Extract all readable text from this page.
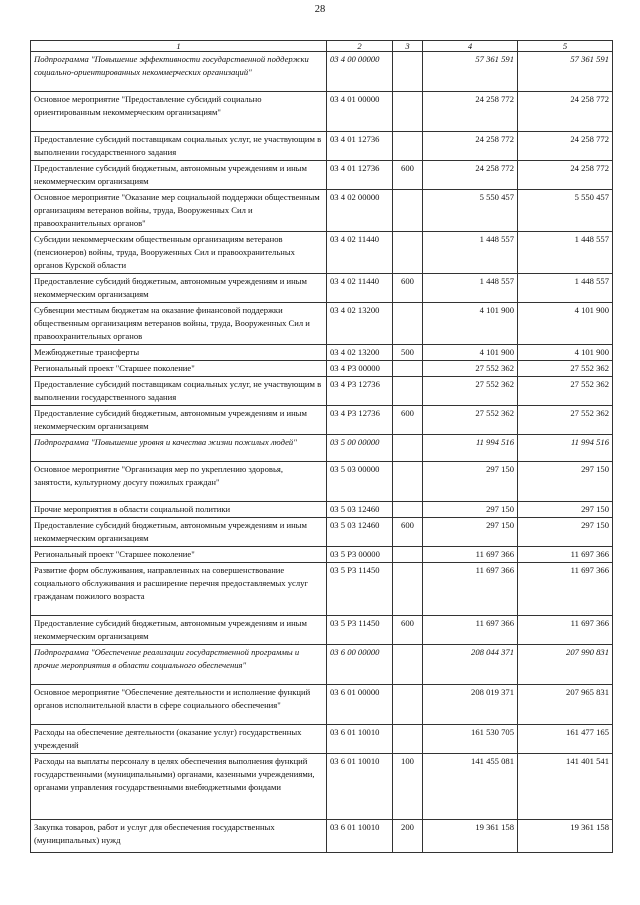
28
1	2	3	4	5
Подпрограмма "Повышение эффективности государственной поддержки социально-ориентированных некоммерческих организаций"	03 4 00 00000		57 361 591	57 361 591
Основное мероприятие "Предоставление субсидий социально ориентированным некоммерческим организациям"	03 4 01 00000		24 258 772	24 258 772
Предоставление субсидий поставщикам социальных услуг, не участвующим в выполнении государственного задания	03 4 01 12736		24 258 772	24 258 772
Предоставление субсидий бюджетным, автономным учреждениям и иным некоммерческим организациям	03 4 01 12736	600	24 258 772	24 258 772
Основное мероприятие "Оказание мер социальной поддержки общественным организациям ветеранов войны, труда, Вооруженных Сил и правоохранительных органов"	03 4 02 00000		5 550 457	5 550 457
Субсидии некоммерческим общественным организациям ветеранов (пенсионеров) войны, труда, Вооруженных Сил и правоохранительных органов Курской области	03 4 02 11440		1 448 557	1 448 557
Предоставление субсидий бюджетным, автономным учреждениям и иным некоммерческим организациям	03 4 02 11440	600	1 448 557	1 448 557
Субвенции местным бюджетам на оказание финансовой поддержки общественным организациям ветеранов войны, труда, Вооруженных Сил и правоохранительных органов	03 4 02 13200		4 101 900	4 101 900
Межбюджетные трансферты	03 4 02 13200	500	4 101 900	4 101 900
Региональный проект "Старшее поколение"	03 4 P3 00000		27 552 362	27 552 362
Предоставление субсидий поставщикам социальных услуг, не участвующим в выполнении государственного задания	03 4 P3 12736		27 552 362	27 552 362
Предоставление субсидий бюджетным, автономным учреждениям и иным некоммерческим организациям	03 4 P3 12736	600	27 552 362	27 552 362
Подпрограмма "Повышение уровня и качества жизни пожилых людей"	03 5 00 00000		11 994 516	11 994 516
Основное мероприятие "Организация мер по укреплению здоровья, занятости, культурному досугу пожилых граждан"	03 5 03 00000		297 150	297 150
Прочие мероприятия в области социальной политики	03 5 03 12460		297 150	297 150
Предоставление субсидий бюджетным, автономным учреждениям и иным некоммерческим организациям	03 5 03 12460	600	297 150	297 150
Региональный проект "Старшее поколение"	03 5 P3 00000		11 697 366	11 697 366
Развитие форм обслуживания, направленных на совершенствование социального обслуживания и расширение перечня предоставляемых услуг гражданам пожилого возраста	03 5 P3 11450		11 697 366	11 697 366
Предоставление субсидий бюджетным, автономным учреждениям и иным некоммерческим организациям	03 5 P3 11450	600	11 697 366	11 697 366
Подпрограмма "Обеспечение реализации государственной программы и прочие мероприятия в области социального обеспечения"	03 6 00 00000		208 044 371	207 990 831
Основное мероприятие "Обеспечение деятельности и исполнение функций органов исполнительной власти в сфере социального обеспечения"	03 6 01 00000		208 019 371	207 965 831
Расходы на обеспечение деятельности (оказание услуг) государственных учреждений	03 6 01 10010		161 530 705	161 477 165
Расходы на выплаты персоналу в целях обеспечения выполнения функций государственными (муниципальными) органами, казенными учреждениями, органами управления государственными внебюджетными фондами	03 6 01 10010	100	141 455 081	141 401 541
Закупка товаров, работ и услуг для обеспечения государственных (муниципальных) нужд	03 6 01 10010	200	19 361 158	19 361 158
